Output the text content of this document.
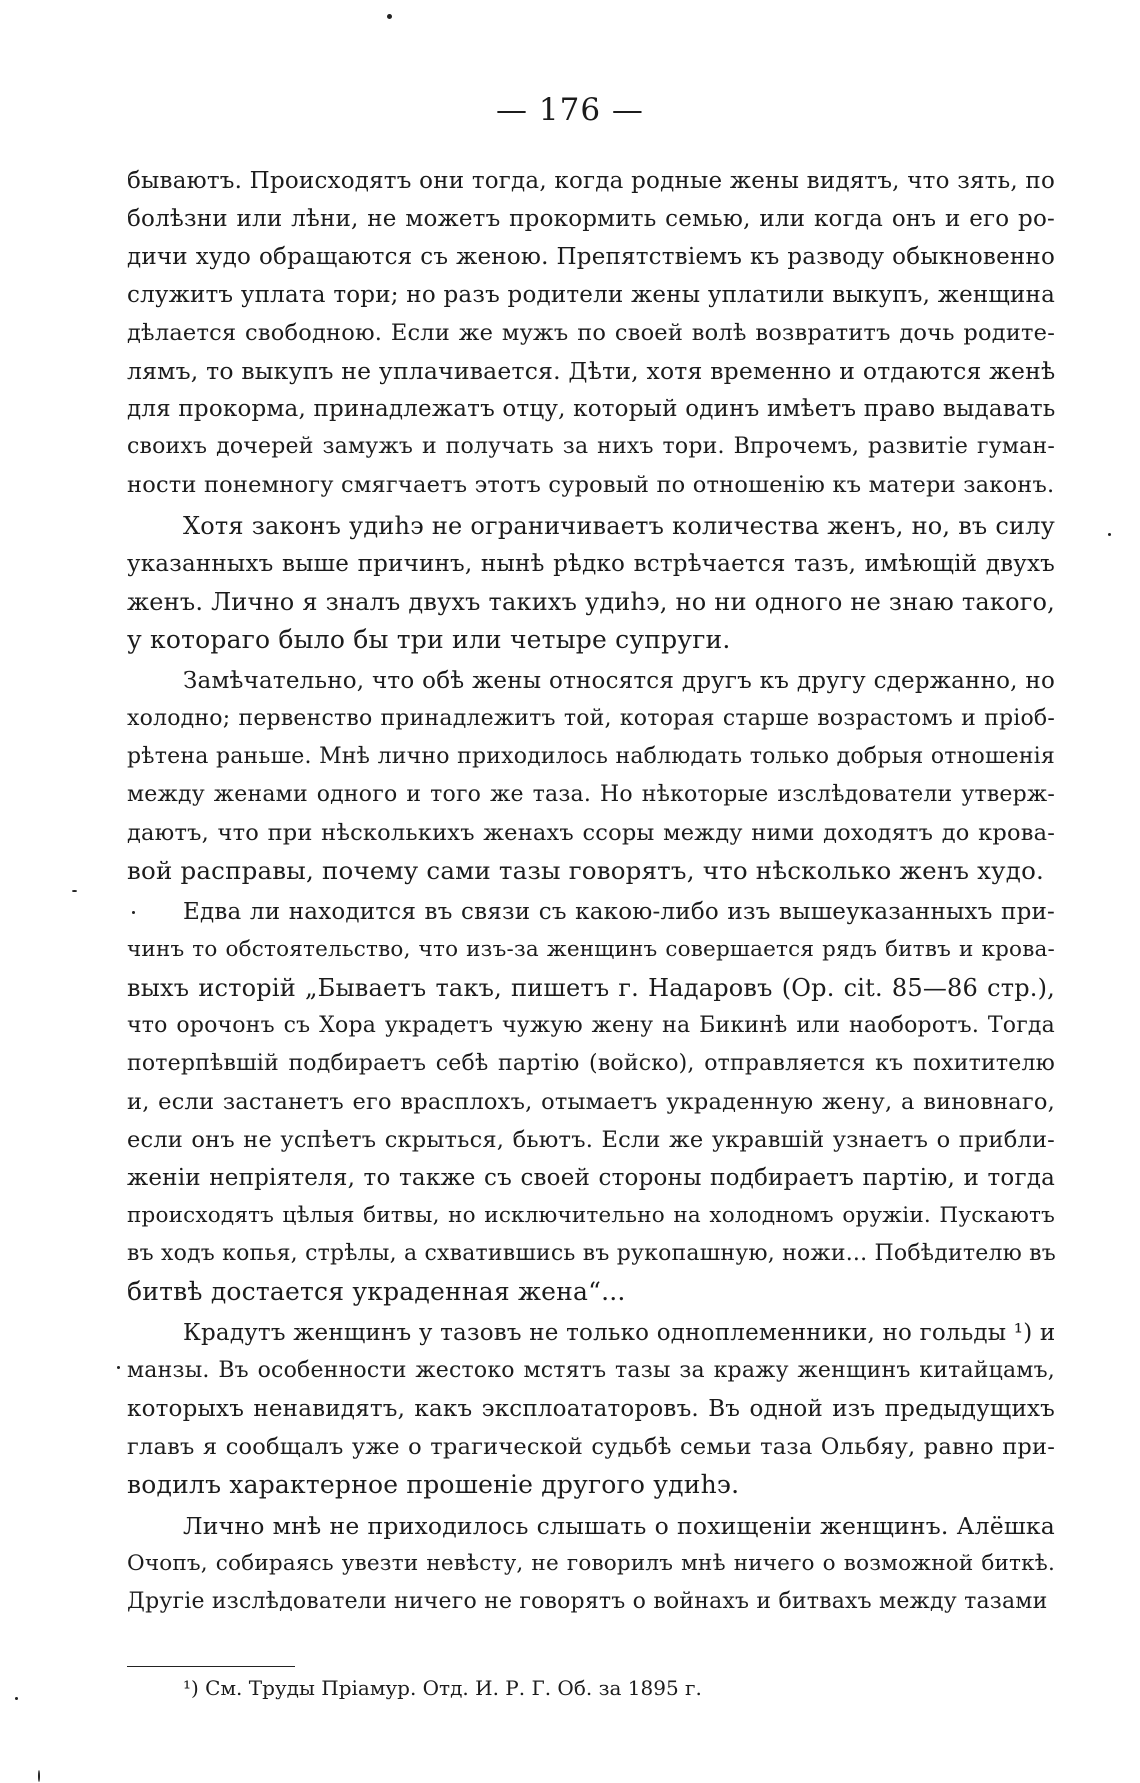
— 176 —
бываютъ. Происходятъ они тогда, когда родные жены видятъ, что зять, по
болѣзни или лѣни, не можетъ прокормить семью, или когда онъ и его ро-
дичи худо обращаются съ женою. Препятствіемъ къ разводу обыкновенно
служитъ уплата тори; но разъ родители жены уплатили выкупъ, женщина
дѣлается свободною. Если же мужъ по своей волѣ возвратитъ дочь родите-
лямъ, то выкупъ не уплачивается. Дѣти, хотя временно и отдаются женѣ
для прокорма, принадлежатъ отцу, который одинъ имѣетъ право выдавать
своихъ дочерей замужъ и получать за нихъ тори. Впрочемъ, развитіе гуман-
ности понемногу смягчаетъ этотъ суровый по отношенію къ матери законъ.
Хотя законъ удиһэ не ограничиваетъ количества женъ, но, въ силу
указанныхъ выше причинъ, нынѣ рѣдко встрѣчается тазъ, имѣющій двухъ
женъ. Лично я зналъ двухъ такихъ удиһэ, но ни одного не знаю такого,
у котораго было бы три или четыре супруги.
Замѣчательно, что обѣ жены относятся другъ къ другу сдержанно, но
холодно; первенство принадлежитъ той, которая старше возрастомъ и пріоб-
рѣтена раньше. Мнѣ лично приходилось наблюдать только добрыя отношенія
между женами одного и того же таза. Но нѣкоторые изслѣдователи утверж-
даютъ, что при нѣсколькихъ женахъ ссоры между ними доходятъ до крова-
вой расправы, почему сами тазы говорятъ, что нѣсколько женъ худо.
Едва ли находится въ связи съ какою-либо изъ вышеуказанныхъ при-
чинъ то обстоятельство, что изъ-за женщинъ совершается рядъ битвъ и крова-
выхъ исторій „Бываетъ такъ, пишетъ г. Надаровъ (Op. cit. 85—86 стр.),
что орочонъ съ Хора украдетъ чужую жену на Бикинѣ или наоборотъ. Тогда
потерпѣвшій подбираетъ себѣ партію (войско), отправляется къ похитителю
и, если застанетъ его врасплохъ, отымаетъ украденную жену, а виновнаго,
если онъ не успѣетъ скрыться, бьютъ. Если же укравшій узнаетъ о прибли-
женіи непріятеля, то также съ своей стороны подбираетъ партію, и тогда
происходятъ цѣлыя битвы, но исключительно на холодномъ оружіи. Пускаютъ
въ ходъ копья, стрѣлы, а схватившись въ рукопашную, ножи... Побѣдителю въ
битвѣ достается украденная жена“...
Крадутъ женщинъ у тазовъ не только одноплеменники, но гольды ¹) и
манзы. Въ особенности жестоко мстятъ тазы за кражу женщинъ китайцамъ,
которыхъ ненавидятъ, какъ эксплоататоровъ. Въ одной изъ предыдущихъ
главъ я сообщалъ уже о трагической судьбѣ семьи таза Ольбяу, равно при-
водилъ характерное прошеніе другого удиһэ.
Лично мнѣ не приходилось слышать о похищеніи женщинъ. Алёшка
Очопъ, собираясь увезти невѣсту, не говорилъ мнѣ ничего о возможной биткѣ.
Другіе изслѣдователи ничего не говорятъ о войнахъ и битвахъ между тазами
¹) См. Труды Пріамур. Отд. И. Р. Г. Об. за 1895 г.
